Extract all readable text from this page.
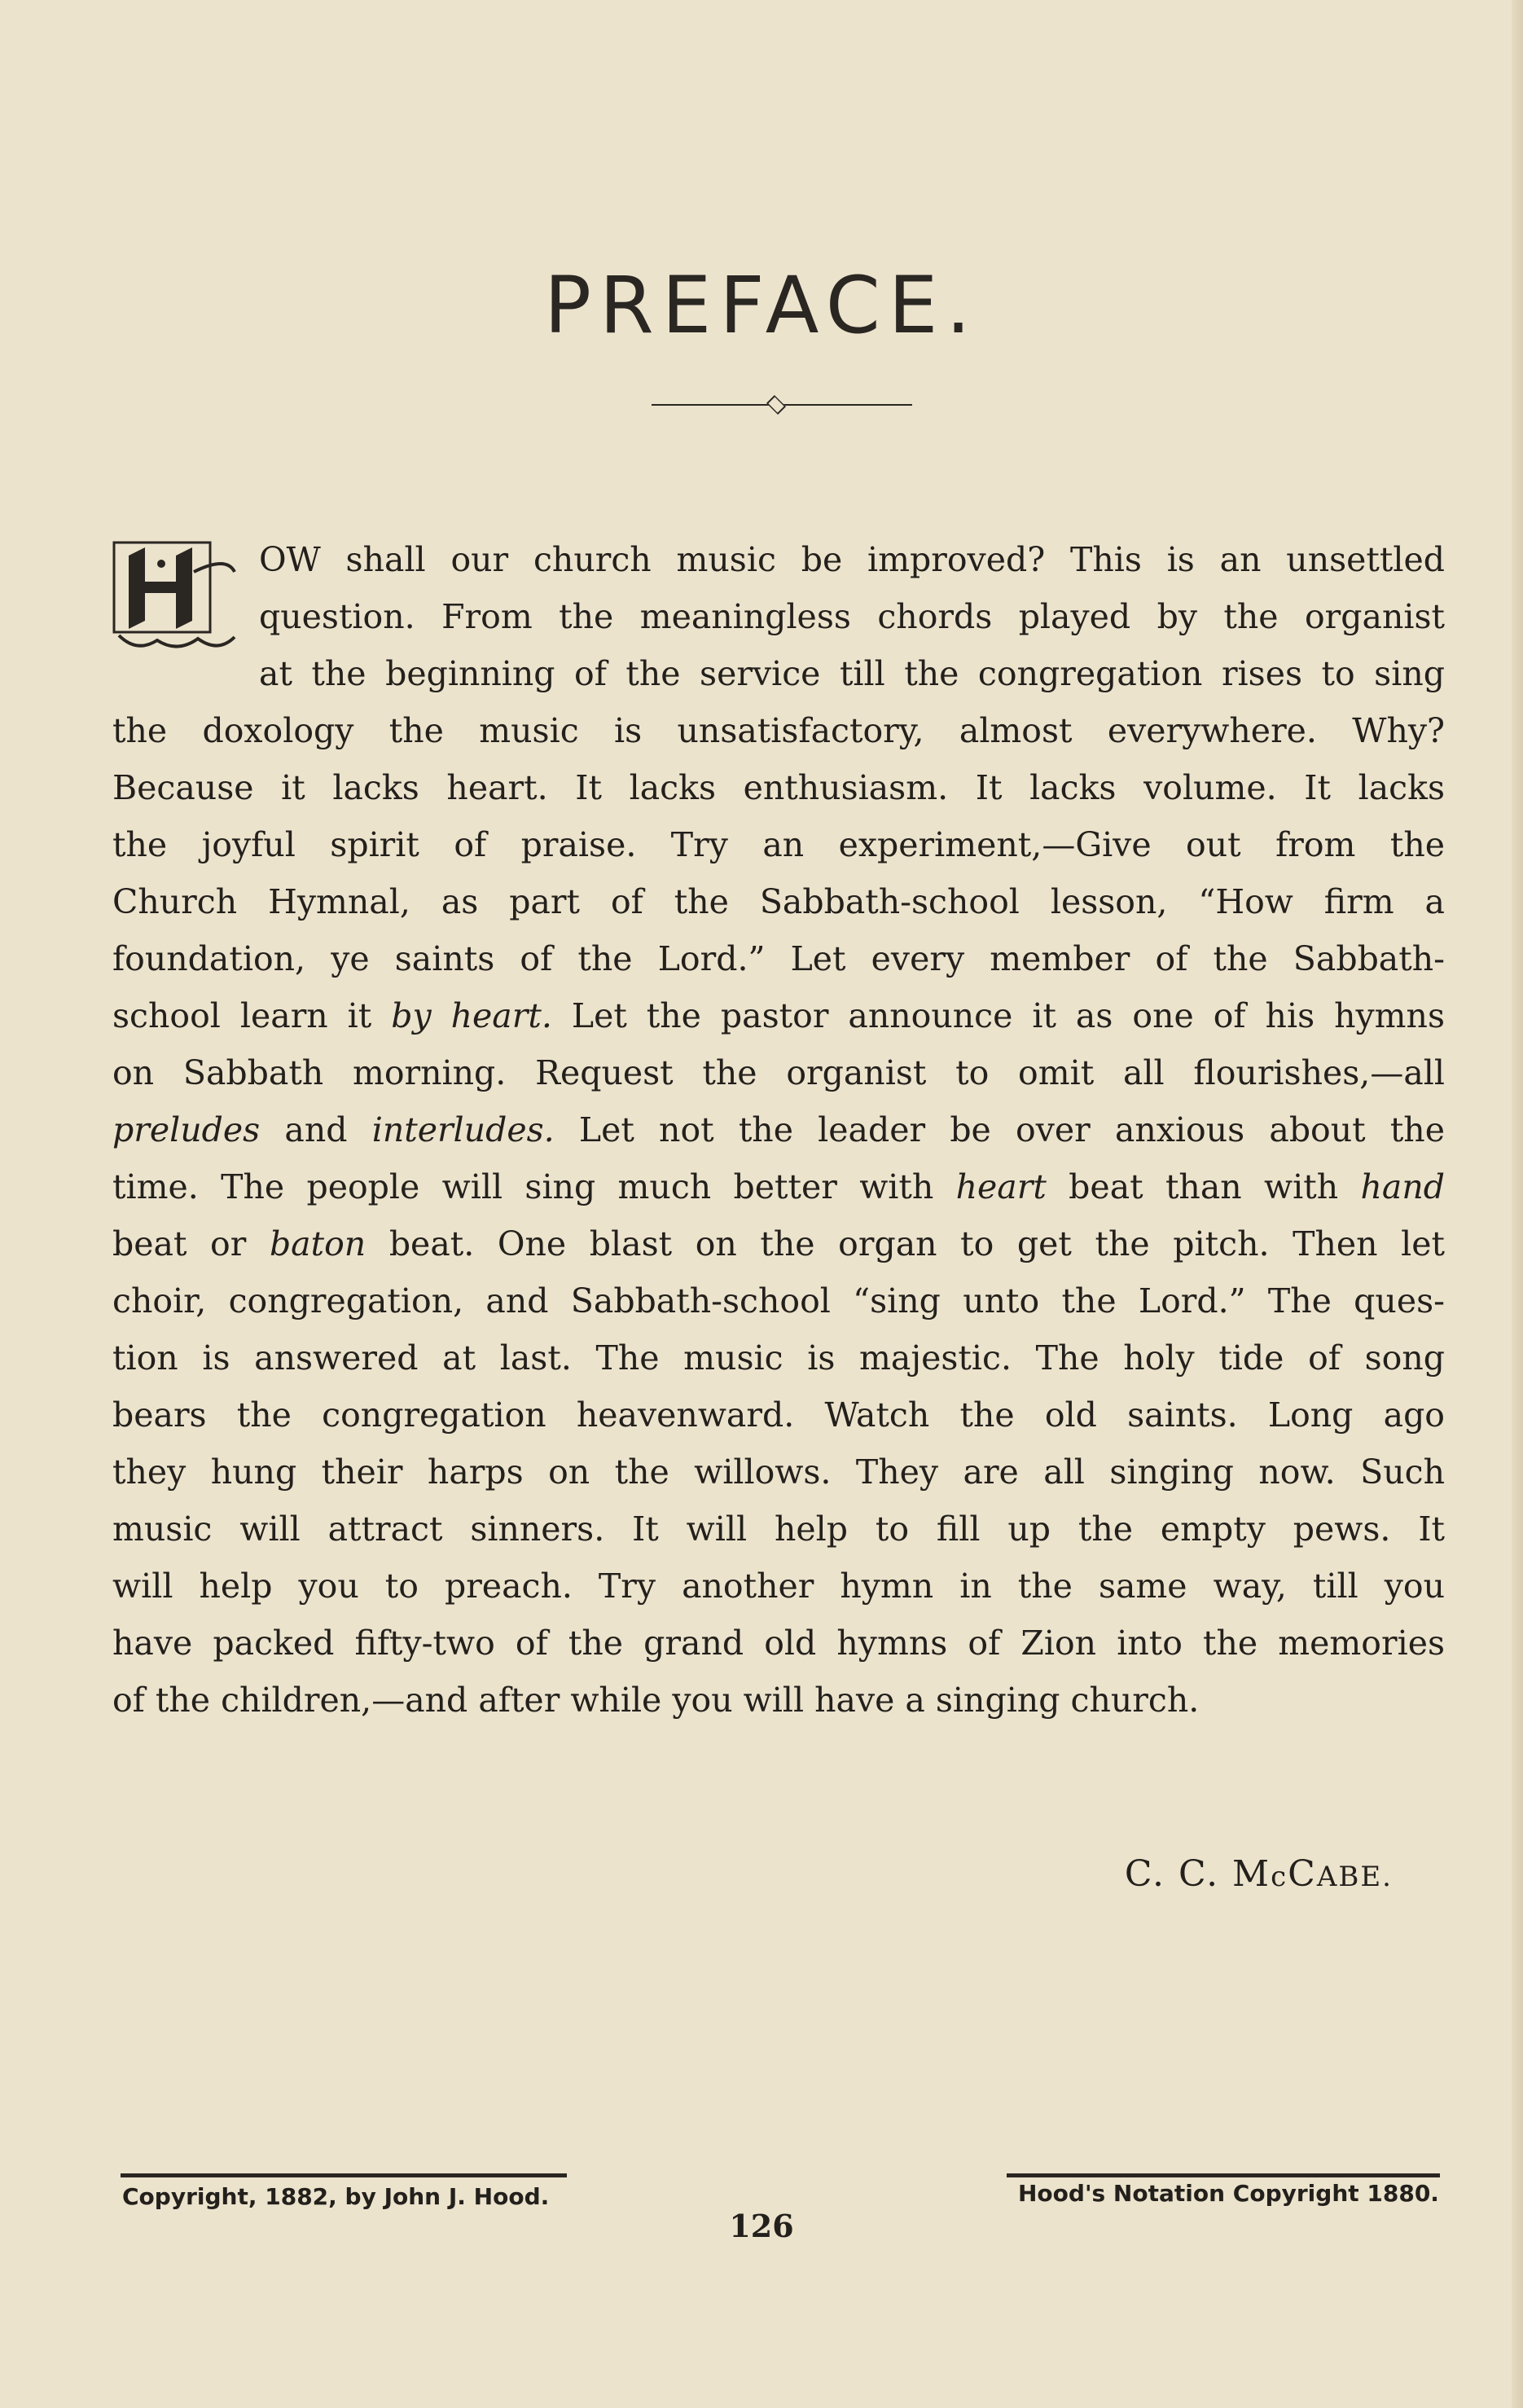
PREFACE.
OW shall our church music be improved? This is an unsettled
question. From the meaningless chords played by the organist
at the beginning of the service till the congregation rises to sing
the doxology the music is unsatisfactory, almost everywhere. Why?
Because it lacks heart. It lacks enthusiasm. It lacks volume. It lacks
the joyful spirit of praise. Try an experiment,—Give out from the
Church Hymnal, as part of the Sabbath-school lesson, “How firm a
foundation, ye saints of the Lord.” Let every member of the Sabbath-
school learn it by heart. Let the pastor announce it as one of his hymns
on Sabbath morning. Request the organist to omit all flourishes,—all
preludes and interludes. Let not the leader be over anxious about the
time. The people will sing much better with heart beat than with hand
beat or baton beat. One blast on the organ to get the pitch. Then let
choir, congregation, and Sabbath-school “sing unto the Lord.” The ques-
tion is answered at last. The music is majestic. The holy tide of song
bears the congregation heavenward. Watch the old saints. Long ago
they hung their harps on the willows. They are all singing now. Such
music will attract sinners. It will help to fill up the empty pews. It
will help you to preach. Try another hymn in the same way, till you
have packed fifty-two of the grand old hymns of Zion into the memories
of the children,—and after while you will have a singing church.
C. C. McCABE.
Copyright, 1882, by John J. Hood.	Hood's Notation Copyright 1880.
126
